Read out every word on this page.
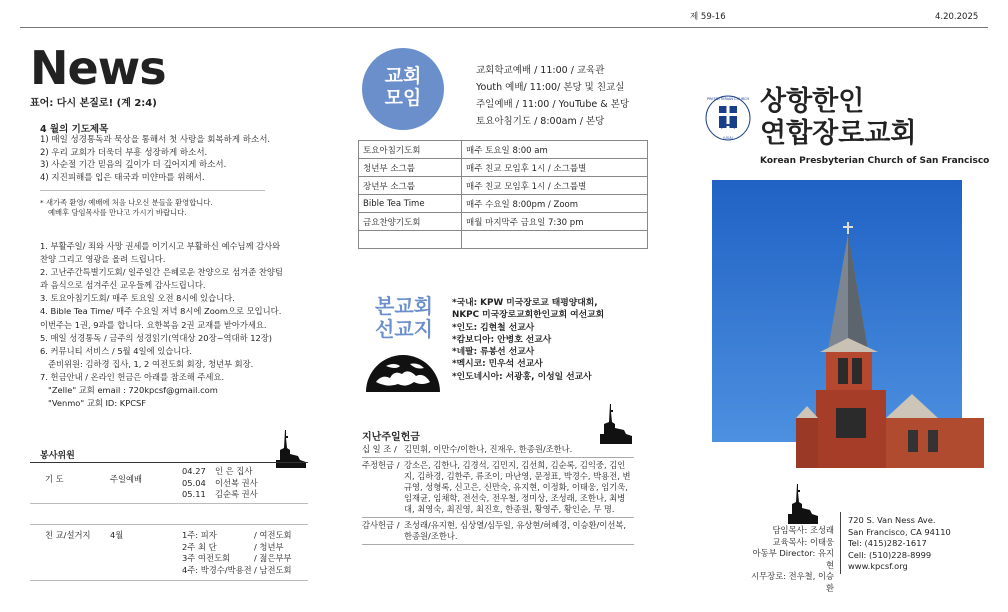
제 59-16	4.20.2025
News
표어: 다시 본질로! (계 2:4)
4 월의 기도제목
1) 매일 성경통독과 묵상을 통해서 첫 사랑을 회복하게 하소서.
2) 우리 교회가 더욱더 부흥 성장하게 하소서.
3) 사순절 기간 믿음의 깊이가 더 깊어지게 하소서.
4) 지진피해를 입은 태국과 미얀마를 위해서.
* 새가족 환영/ 예배에 처음 나오신 분들을 환영합니다.
예배후 담임목사를 만나고 가시기 바랍니다.
1. 부활주일/ 죄와 사망 권세를 이기시고 부활하신 예수님께 감사와
찬양 그리고 영광을 올려 드립니다.
2. 고난주간특별기도회/ 일주일간 은혜로운 찬양으로 섬겨준 찬양팀
과 음식으로 섬겨주신 교우들께 감사드립니다.
3. 토요아침기도회/ 매주 토요일 오전 8시에 있습니다.
4. Bible Tea Time/ 매주 수요일 저녁 8시에 Zoom으로 모입니다.
이번주는 1권, 9과를 합니다. 요한복음 2권 교재를 받아가세요.
5. 매일 성경통독 / 금주의 성경읽기(역대상 20장~역대하 12장)
6. 커뮤니티 서비스 / 5월 4일에 있습니다.
준비위원: 김하경 집사, 1, 2 여전도회 회장, 청년부 회장.
7. 헌금안내 / 온라인 헌금은 아래를 참조해 주세요.
"Zelle" 교회 email : 720kpcsf@gmail.com
"Venmo" 교회 ID: KPCSF
봉사위원
기 도	주일예배
04.27 인 은 집사
05.04 이선복 권사
05.11 김순록 권사
친 교/설거지 4월	1주: 피자	/ 여전도회
2주 최 단	/ 청년부
3주 여전도회	/ 젊은부부
4주: 박경수/박용전 / 남전도회
교회
모임
교회학교예배 / 11:00 / 교육관
Youth 예배/ 11:00/ 본당 및 친교실
주일예배 / 11:00 / YouTube & 본당
토요아침기도 / 8:00am / 본당
토요아침기도회	매주 토요일 8:00 am
청년부 소그룹	매주 친교 모임후 1시 / 소그룹별
장년부 소그룹	매주 친교 모임후 1시 / 소그룹별
Bible Tea Time	매주 수요일 8:00pm / Zoom
금요찬양기도회	매월 마지막주 금요일 7:30 pm

본교회
선교지
*국내: KPW 미국장로교 태평양대회,
NKPC 미국장로교회한인교회 여선교회
*인도: 김현철 선교사
*캄보디아: 안병호 선교사
*네팔: 류봉선 선교사
*멕시코: 민우석 선교사
*인도네시아: 서광홍, 이성일 선교사
지난주일헌금
십 일 조 / 김민휘, 이만수/이한나, 진재우, 한종원/조한나.
주정헌금 / 강소은, 김한나, 김경석, 김민지, 김선희, 김순록, 김익중, 김인지, 김하경, 김한주, 류조이, 마난영, 문정표, 박경수, 박용전, 변규영, 성형록, 신고은, 신만숙, 유지현, 이정화, 이태웅, 임기욱, 임재균, 임채학, 전선숙, 전우철, 정미상, 조성래, 조한나, 최병대, 최영숙, 최진영, 최진호, 한종원, 황영주, 황인순, 무 명.
감사헌금 / 조성래/유지현, 심상열/심두일, 유상현/허혜경, 이승환/이선복, 한종원/조한나.
PRESBYTERIAN CHURCH
(USA)
상항한인
연합장로교회
Korean Presbyterian Church of San Francisco
담임목사: 조성래
교육목사: 이태웅
아동부 Director: 유지현
시무장로: 전우철, 이승환
720 S. Van Ness Ave.
San Francisco, CA 94110
Tel: (415)282-1617
Cell: (510)228-8999
www.kpcsf.org
